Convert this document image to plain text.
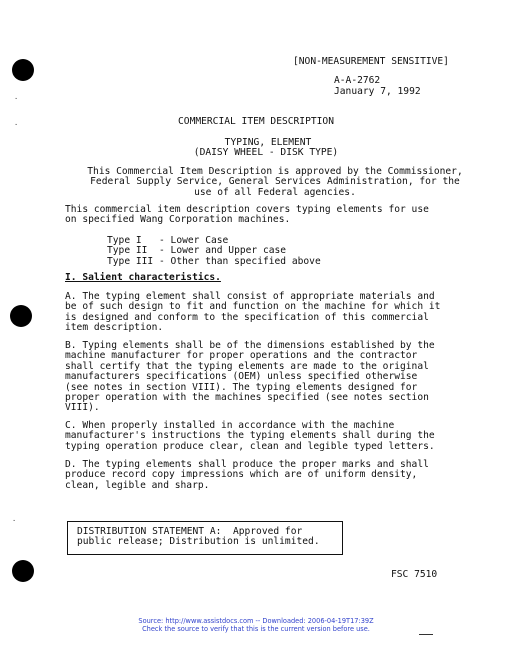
[NON-MEASUREMENT SENSITIVE]
A-A-2762
January 7, 1992
COMMERCIAL ITEM DESCRIPTION
TYPING, ELEMENT
(DAISY WHEEL - DISK TYPE)
This Commercial Item Description is approved by the Commissioner,
Federal Supply Service, General Services Administration, for the
use of all Federal agencies.
This commercial item description covers typing elements for use
on specified Wang Corporation machines.
Type I   - Lower Case
Type II  - Lower and Upper case
Type III - Other than specified above
I. Salient characteristics.
A. The typing element shall consist of appropriate materials and
be of such design to fit and function on the machine for which it
is designed and conform to the specification of this commercial
item description.
B. Typing elements shall be of the dimensions established by the
machine manufacturer for proper operations and the contractor
shall certify that the typing elements are made to the original
manufacturers specifications (OEM) unless specified otherwise
(see notes in section VIII). The typing elements designed for
proper operation with the machines specified (see notes section
VIII).
C. When properly installed in accordance with the machine
manufacturer's instructions the typing elements shall during the
typing operation produce clear, clean and legible typed letters.
D. The typing elements shall produce the proper marks and shall
produce record copy impressions which are of uniform density,
clean, legible and sharp.
DISTRIBUTION STATEMENT A:  Approved for
public release; Distribution is unlimited.
FSC 7510
Source: http://www.assistdocs.com -- Downloaded: 2006-04-19T17:39Z
Check the source to verify that this is the current version before use.
·
·
·
